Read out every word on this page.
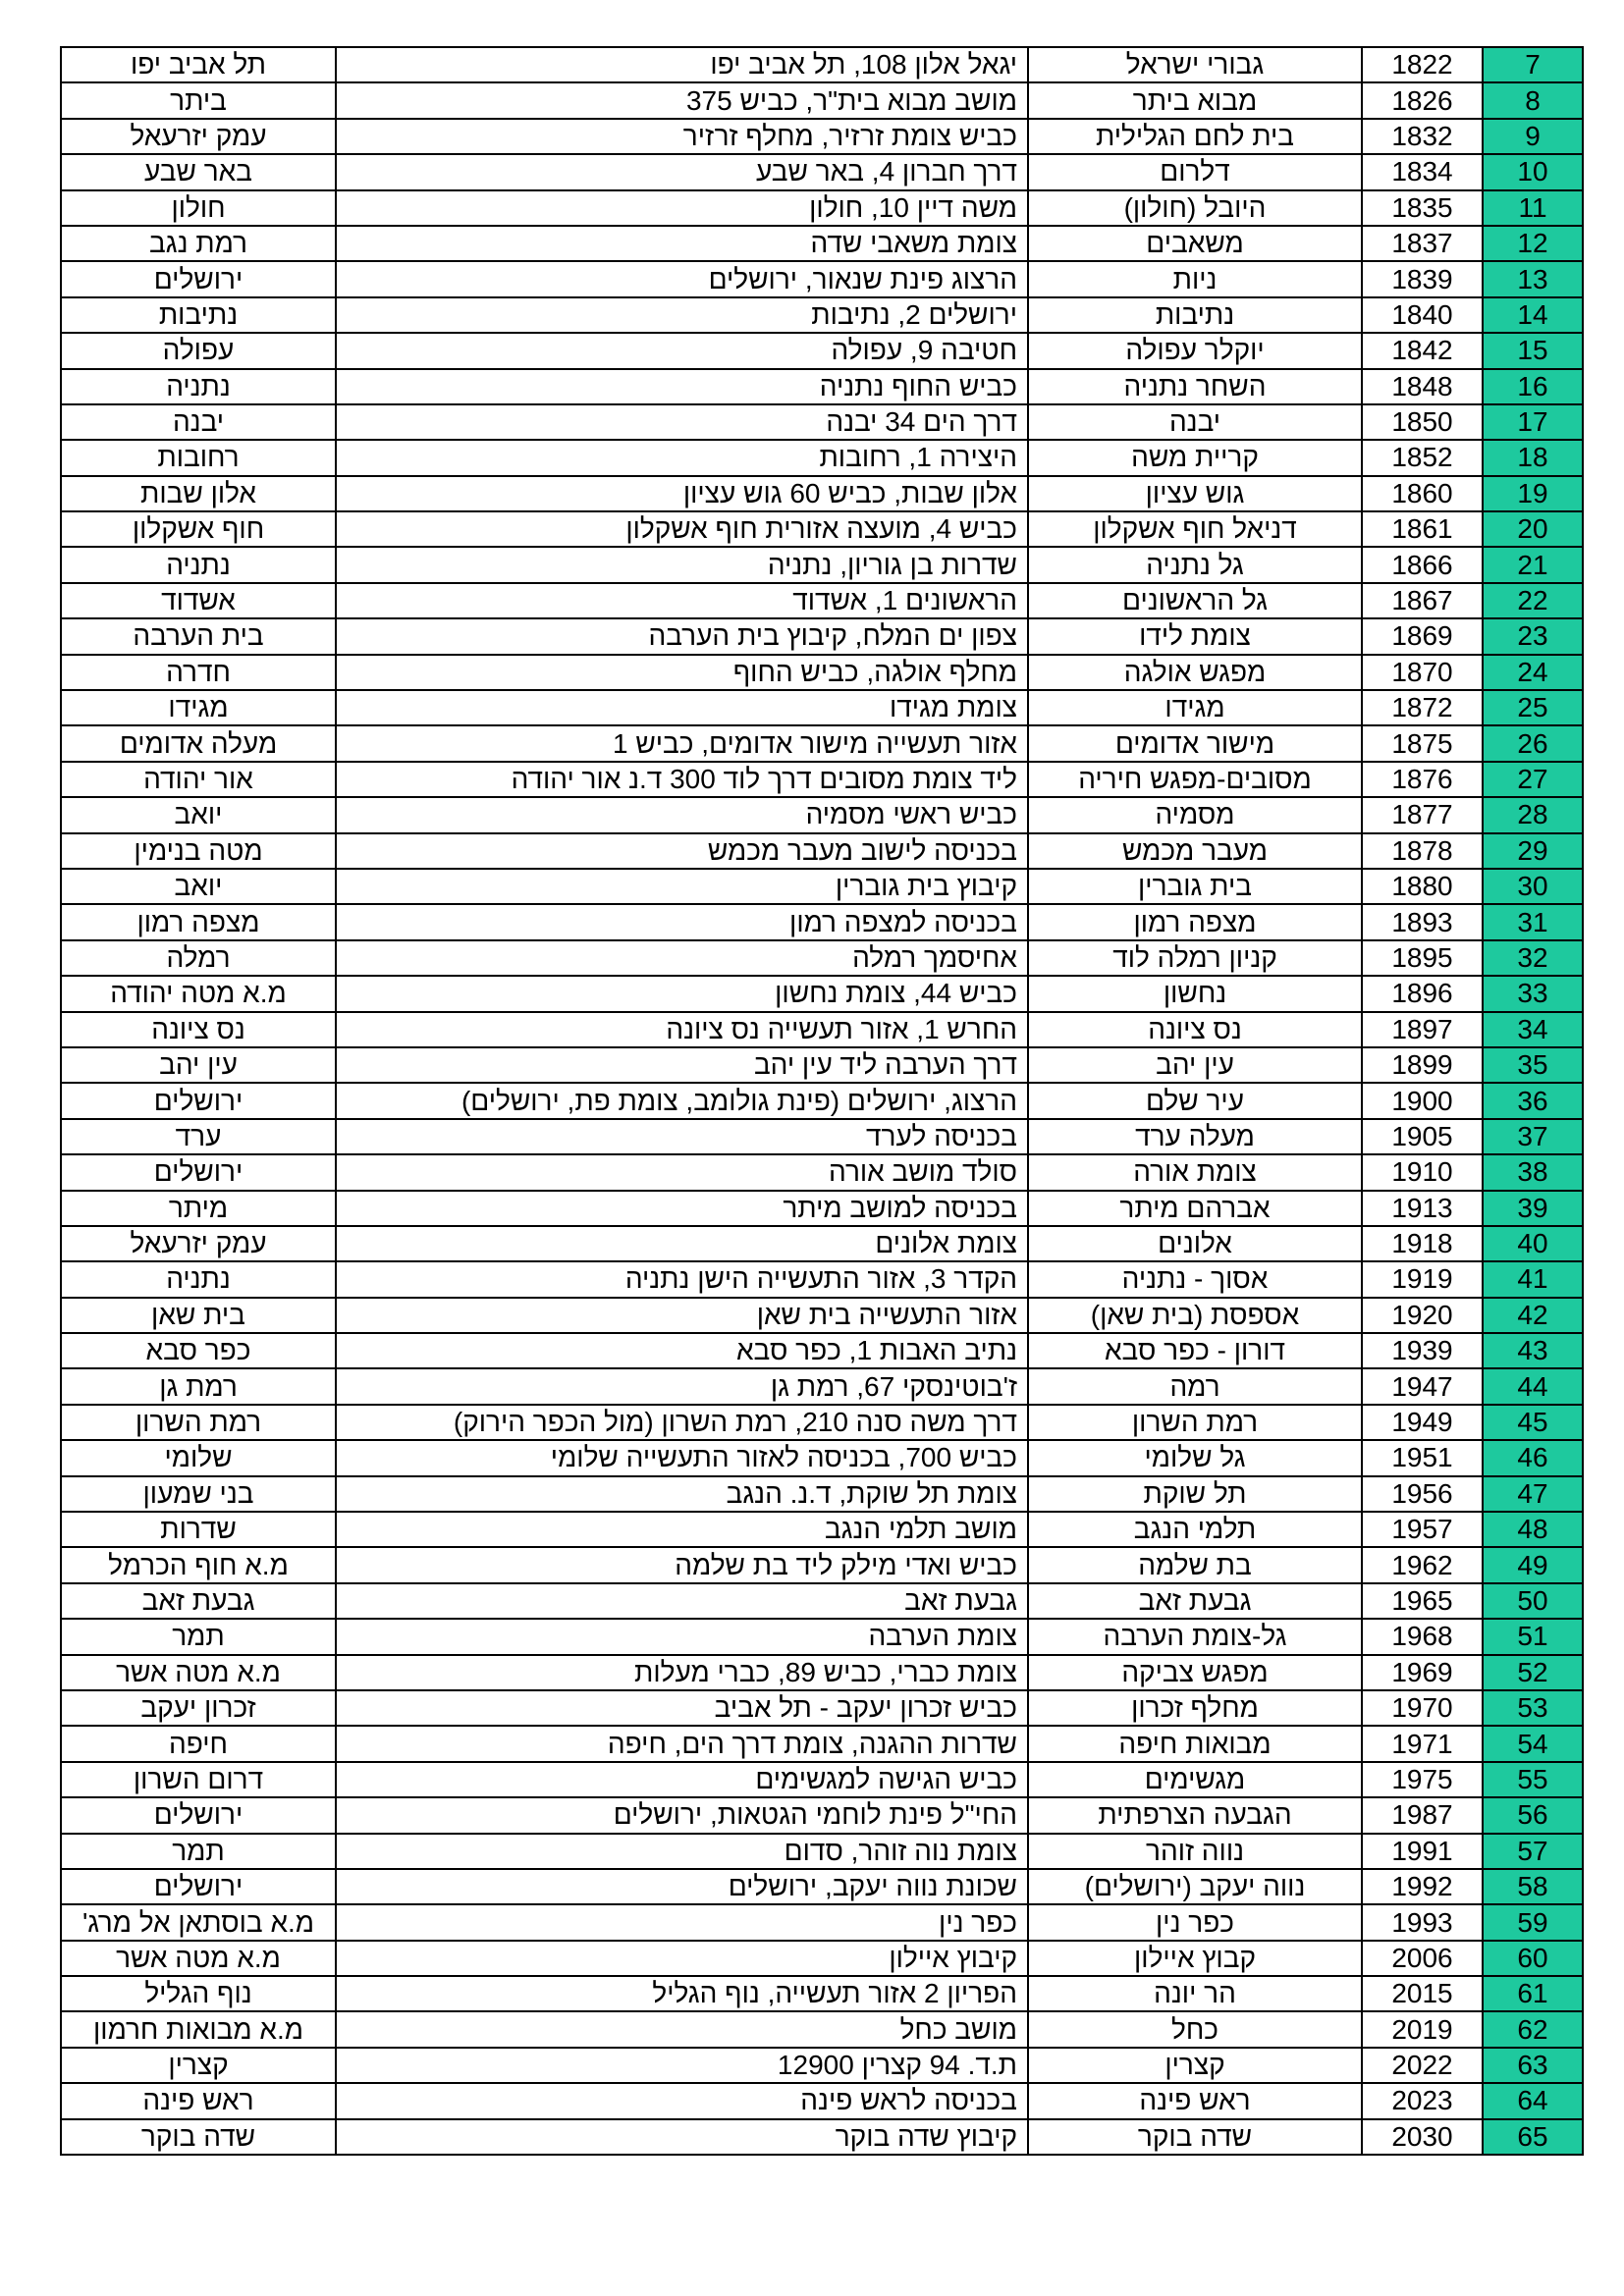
תל אביב יפו	יגאל אלון 108, תל אביב יפו	גבורי ישראל	1822	7
ביתר	מושב מבוא בית"ר, כביש 375	מבוא ביתר	1826	8
עמק יזרעאל	כביש צומת זרזיר, מחלף זרזיר	בית לחם הגלילית	1832	9
באר שבע	דרך חברון 4, באר שבע	דלרום	1834	10
חולון	משה דיין 10, חולון	היובל (חולון)	1835	11
רמת נגב	צומת משאבי שדה	משאבים	1837	12
ירושלים	הרצוג פינת שנאור, ירושלים	ניות	1839	13
נתיבות	ירושלים 2, נתיבות	נתיבות	1840	14
עפולה	חטיבה 9, עפולה	יוקלר עפולה	1842	15
נתניה	כביש החוף נתניה	השחר נתניה	1848	16
יבנה	דרך הים 34 יבנה	יבנה	1850	17
רחובות	היצירה 1, רחובות	קריית משה	1852	18
אלון שבות	אלון שבות, כביש 60 גוש עציון	גוש עציון	1860	19
חוף אשקלון	כביש 4, מועצה אזורית חוף אשקלון	דניאל חוף אשקלון	1861	20
נתניה	שדרות בן גוריון, נתניה	גל נתניה	1866	21
אשדוד	הראשונים 1, אשדוד	גל הראשונים	1867	22
בית הערבה	צפון ים המלח, קיבוץ בית הערבה	צומת לידו	1869	23
חדרה	מחלף אולגה, כביש החוף	מפגש אולגה	1870	24
מגידו	צומת מגידו	מגידו	1872	25
מעלה אדומים	אזור תעשייה מישור אדומים, כביש 1	מישור אדומים	1875	26
אור יהודה	ליד צומת מסובים דרך לוד 300 ד.נ אור יהודה	מסובים-מפגש חיריה	1876	27
יואב	כביש ראשי מסמיה	מסמיה	1877	28
מטה בנימין	בכניסה לישוב מעבר מכמש	מעבר מכמש	1878	29
יואב	קיבוץ בית גוברין	בית גוברין	1880	30
מצפה רמון	בכניסה למצפה רמון	מצפה רמון	1893	31
רמלה	אחיסמך רמלה	קניון רמלה לוד	1895	32
מ.א מטה יהודה	כביש 44, צומת נחשון	נחשון	1896	33
נס ציונה	החרש 1, אזור תעשייה נס ציונה	נס ציונה	1897	34
עין יהב	דרך הערבה ליד עין יהב	עין יהב	1899	35
ירושלים	הרצוג, ירושלים (פינת גולומב, צומת פת, ירושלים)	עיר שלם	1900	36
ערד	בכניסה לערד	מעלה ערד	1905	37
ירושלים	סולד מושב אורה	צומת אורה	1910	38
מיתר	בכניסה למושב מיתר	אברהם מיתר	1913	39
עמק יזרעאל	צומת אלונים	אלונים	1918	40
נתניה	הקדר 3, אזור התעשייה הישן נתניה	אסוך - נתניה	1919	41
בית שאן	אזור התעשייה בית שאן	אספסת (בית שאן)	1920	42
כפר סבא	נתיב האבות 1, כפר סבא	דורון - כפר סבא	1939	43
רמת גן	ז'בוטינסקי 67, רמת גן	רמה	1947	44
רמת השרון	דרך משה סנה 210, רמת השרון (מול הכפר הירוק)	רמת השרון	1949	45
שלומי	כביש 700, בכניסה לאזור התעשייה שלומי	גל שלומי	1951	46
בני שמעון	צומת תל שוקת, ד.נ. הנגב	תל שוקת	1956	47
שדרות	מושב תלמי הנגב	תלמי הנגב	1957	48
מ.א חוף הכרמל	כביש ואדי מילק ליד בת שלמה	בת שלמה	1962	49
גבעת זאב	גבעת זאב	גבעת זאב	1965	50
תמר	צומת הערבה	גל-צומת הערבה	1968	51
מ.א מטה אשר	צומת כברי, כביש 89, כברי מעלות	מפגש צביקה	1969	52
זכרון יעקב	כביש זכרון יעקב - תל אביב	מחלף זכרון	1970	53
חיפה	שדרות ההגנה, צומת דרך הים, חיפה	מבואות חיפה	1971	54
דרום השרון	כביש הגישה למגשימים	מגשימים	1975	55
ירושלים	החי"ל פינת לוחמי הגטאות, ירושלים	הגבעה הצרפתית	1987	56
תמר	צומת נוה זוהר, סדום	נווה זוהר	1991	57
ירושלים	שכונת נווה יעקב, ירושלים	נווה יעקב (ירושלים)	1992	58
מ.א בוסתאן אל מרג'	כפר נין	כפר נין	1993	59
מ.א מטה אשר	קיבוץ איילון	קבוץ איילון	2006	60
נוף הגליל	הפריון 2 אזור תעשייה, נוף הגליל	הר יונה	2015	61
מ.א מבואות חרמון	מושב כחל	כחל	2019	62
קצרין	ת.ד. 94 קצרין 12900	קצרין	2022	63
ראש פינה	בכניסה לראש פינה	ראש פינה	2023	64
שדה בוקר	קיבוץ שדה בוקר	שדה בוקר	2030	65
